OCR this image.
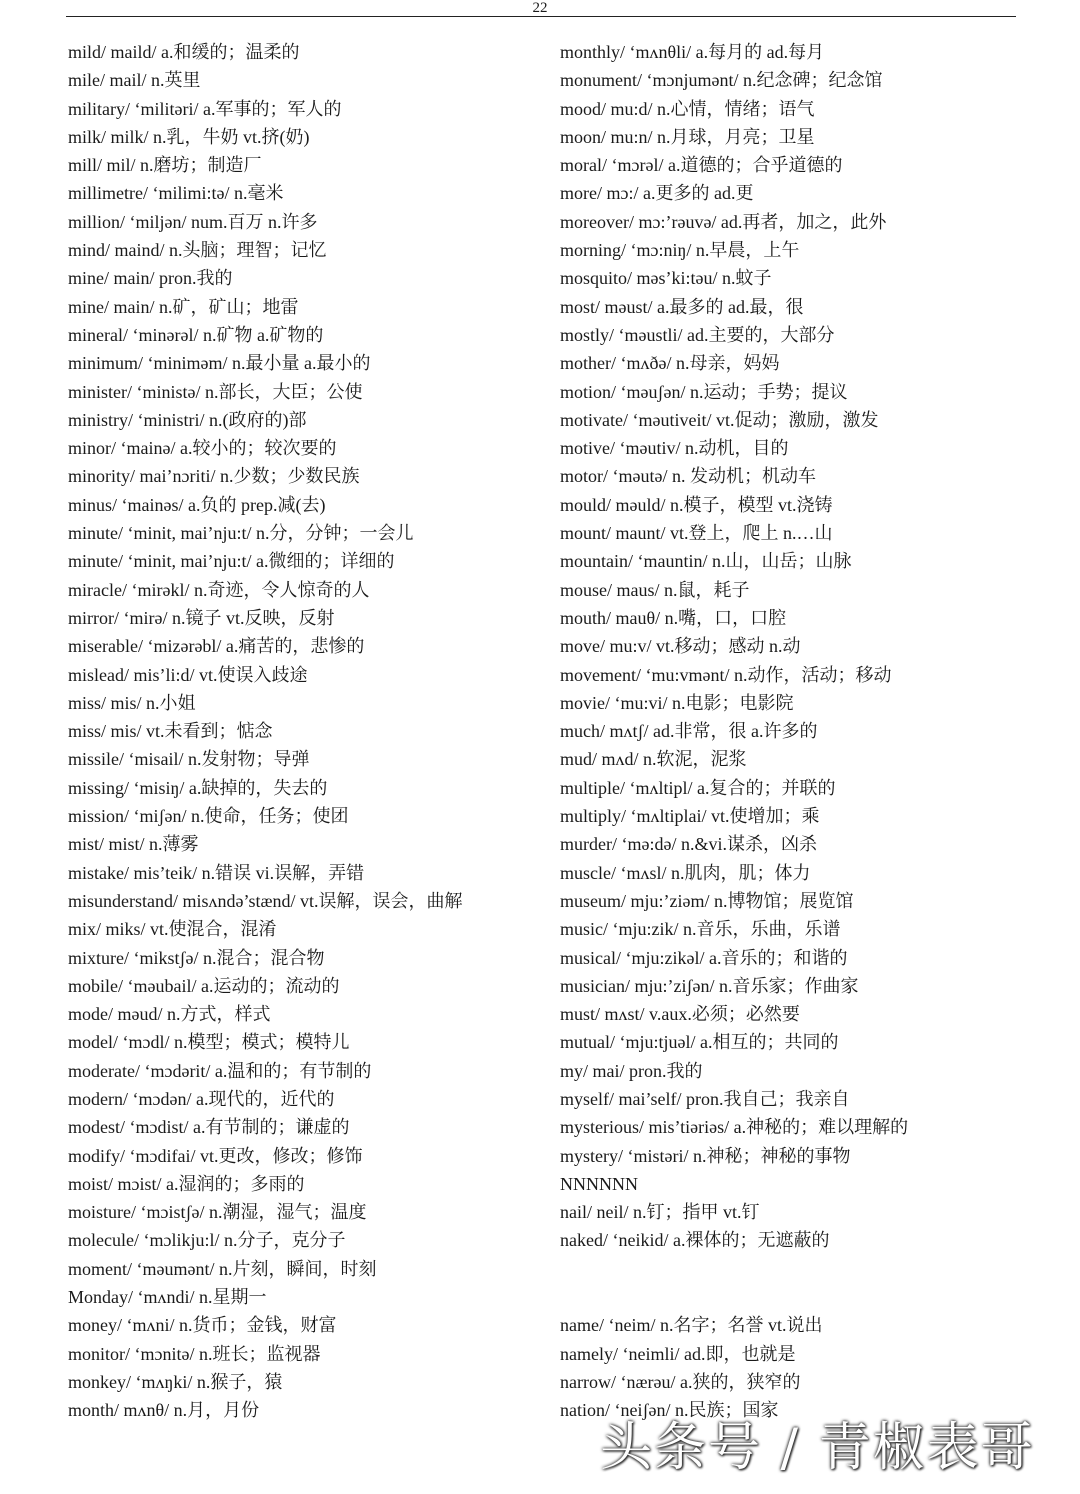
22
mild/ maild/ a.和缓的；温柔的
mile/ mail/ n.英里
military/ ‘militəri/ a.军事的；军人的
milk/ milk/ n.乳，牛奶 vt.挤(奶)
mill/ mil/ n.磨坊；制造厂
millimetre/ ‘milimi:tə/ n.毫米
million/ ‘miljən/ num.百万 n.许多
mind/ maind/ n.头脑；理智；记忆
mine/ main/ pron.我的
mine/ main/ n.矿，矿山；地雷
mineral/ ‘minərəl/ n.矿物 a.矿物的
minimum/ ‘miniməm/ n.最小量 a.最小的
minister/ ‘ministə/ n.部长，大臣；公使
ministry/ ‘ministri/ n.(政府的)部
minor/ ‘mainə/ a.较小的；较次要的
minority/ mai’nɔriti/ n.少数；少数民族
minus/ ‘mainəs/ a.负的 prep.减(去)
minute/ ‘minit, mai’nju:t/ n.分，分钟；一会儿
minute/ ‘minit, mai’nju:t/ a.微细的；详细的
miracle/ ‘mirəkl/ n.奇迹，令人惊奇的人
mirror/ ‘mirə/ n.镜子 vt.反映，反射
miserable/ ‘mizərəbl/ a.痛苦的，悲惨的
mislead/ mis’li:d/ vt.使误入歧途
miss/ mis/ n.小姐
miss/ mis/ vt.未看到；惦念
missile/ ‘misail/ n.发射物；导弹
missing/ ‘misiŋ/ a.缺掉的，失去的
mission/ ‘miʃən/ n.使命，任务；使团
mist/ mist/ n.薄雾
mistake/ mis’teik/ n.错误 vi.误解，弄错
misunderstand/ misʌndə’stænd/ vt.误解，误会，曲解
mix/ miks/ vt.使混合，混淆
mixture/ ‘mikstʃə/ n.混合；混合物
mobile/ ‘məubail/ a.运动的；流动的
mode/ məud/ n.方式，样式
model/ ‘mɔdl/ n.模型；模式；模特儿
moderate/ ‘mɔdərit/ a.温和的；有节制的
modern/ ‘mɔdən/ a.现代的，近代的
modest/ ‘mɔdist/ a.有节制的；谦虚的
modify/ ‘mɔdifai/ vt.更改，修改；修饰
moist/ mɔist/ a.湿润的；多雨的
moisture/ ‘mɔistʃə/ n.潮湿，湿气；温度
molecule/ ‘mɔlikju:l/ n.分子，克分子
moment/ ‘məumənt/ n.片刻，瞬间，时刻
Monday/ ‘mʌndi/ n.星期一
money/ ‘mʌni/ n.货币；金钱，财富
monitor/ ‘mɔnitə/ n.班长；监视器
monkey/ ‘mʌŋki/ n.猴子，猿
month/ mʌnθ/ n.月，月份
monthly/ ‘mʌnθli/ a.每月的 ad.每月
monument/ ‘mɔnjumənt/ n.纪念碑；纪念馆
mood/ mu:d/ n.心情，情绪；语气
moon/ mu:n/ n.月球，月亮；卫星
moral/ ‘mɔrəl/ a.道德的；合乎道德的
more/ mɔ:/ a.更多的 ad.更
moreover/ mɔ:’rəuvə/ ad.再者，加之，此外
morning/ ‘mɔ:niŋ/ n.早晨，上午
mosquito/ məs’ki:təu/ n.蚊子
most/ məust/ a.最多的 ad.最，很
mostly/ ‘məustli/ ad.主要的，大部分
mother/ ‘mʌðə/ n.母亲，妈妈
motion/ ‘məuʃən/ n.运动；手势；提议
motivate/ ‘məutiveit/ vt.促动；激励，激发
motive/ ‘məutiv/ n.动机，目的
motor/ ‘məutə/ n. 发动机；机动车
mould/ məuld/ n.模子，模型 vt.浇铸
mount/ maunt/ vt.登上，爬上 n.…山
mountain/ ‘mauntin/ n.山，山岳；山脉
mouse/ maus/ n.鼠，耗子
mouth/ mauθ/ n.嘴，口，口腔
move/ mu:v/ vt.移动；感动 n.动
movement/ ‘mu:vmənt/ n.动作，活动；移动
movie/ ‘mu:vi/ n.电影；电影院
much/ mʌtʃ/ ad.非常，很 a.许多的
mud/ mʌd/ n.软泥，泥浆
multiple/ ‘mʌltipl/ a.复合的；并联的
multiply/ ‘mʌltiplai/ vt.使增加；乘
murder/ ‘mə:də/ n.&vi.谋杀，凶杀
muscle/ ‘mʌsl/ n.肌肉，肌；体力
museum/ mju:’ziəm/ n.博物馆；展览馆
music/ ‘mju:zik/ n.音乐，乐曲，乐谱
musical/ ‘mju:zikəl/ a.音乐的；和谐的
musician/ mju:’ziʃən/ n.音乐家；作曲家
must/ mʌst/ v.aux.必须；必然要
mutual/ ‘mju:tjuəl/ a.相互的；共同的
my/ mai/ pron.我的
myself/ mai’self/ pron.我自己；我亲自
mysterious/ mis’tiəriəs/ a.神秘的；难以理解的
mystery/ ‘mistəri/ n.神秘；神秘的事物
NNNNNN
nail/ neil/ n.钉；指甲 vt.钉
naked/ ‘neikid/ a.裸体的；无遮蔽的
name/ ‘neim/ n.名字；名誉 vt.说出
namely/ ‘neimli/ ad.即，也就是
narrow/ ‘nærəu/ a.狭的，狭窄的
nation/ ‘neiʃən/ n.民族；国家
头条号 / 青椒表哥
